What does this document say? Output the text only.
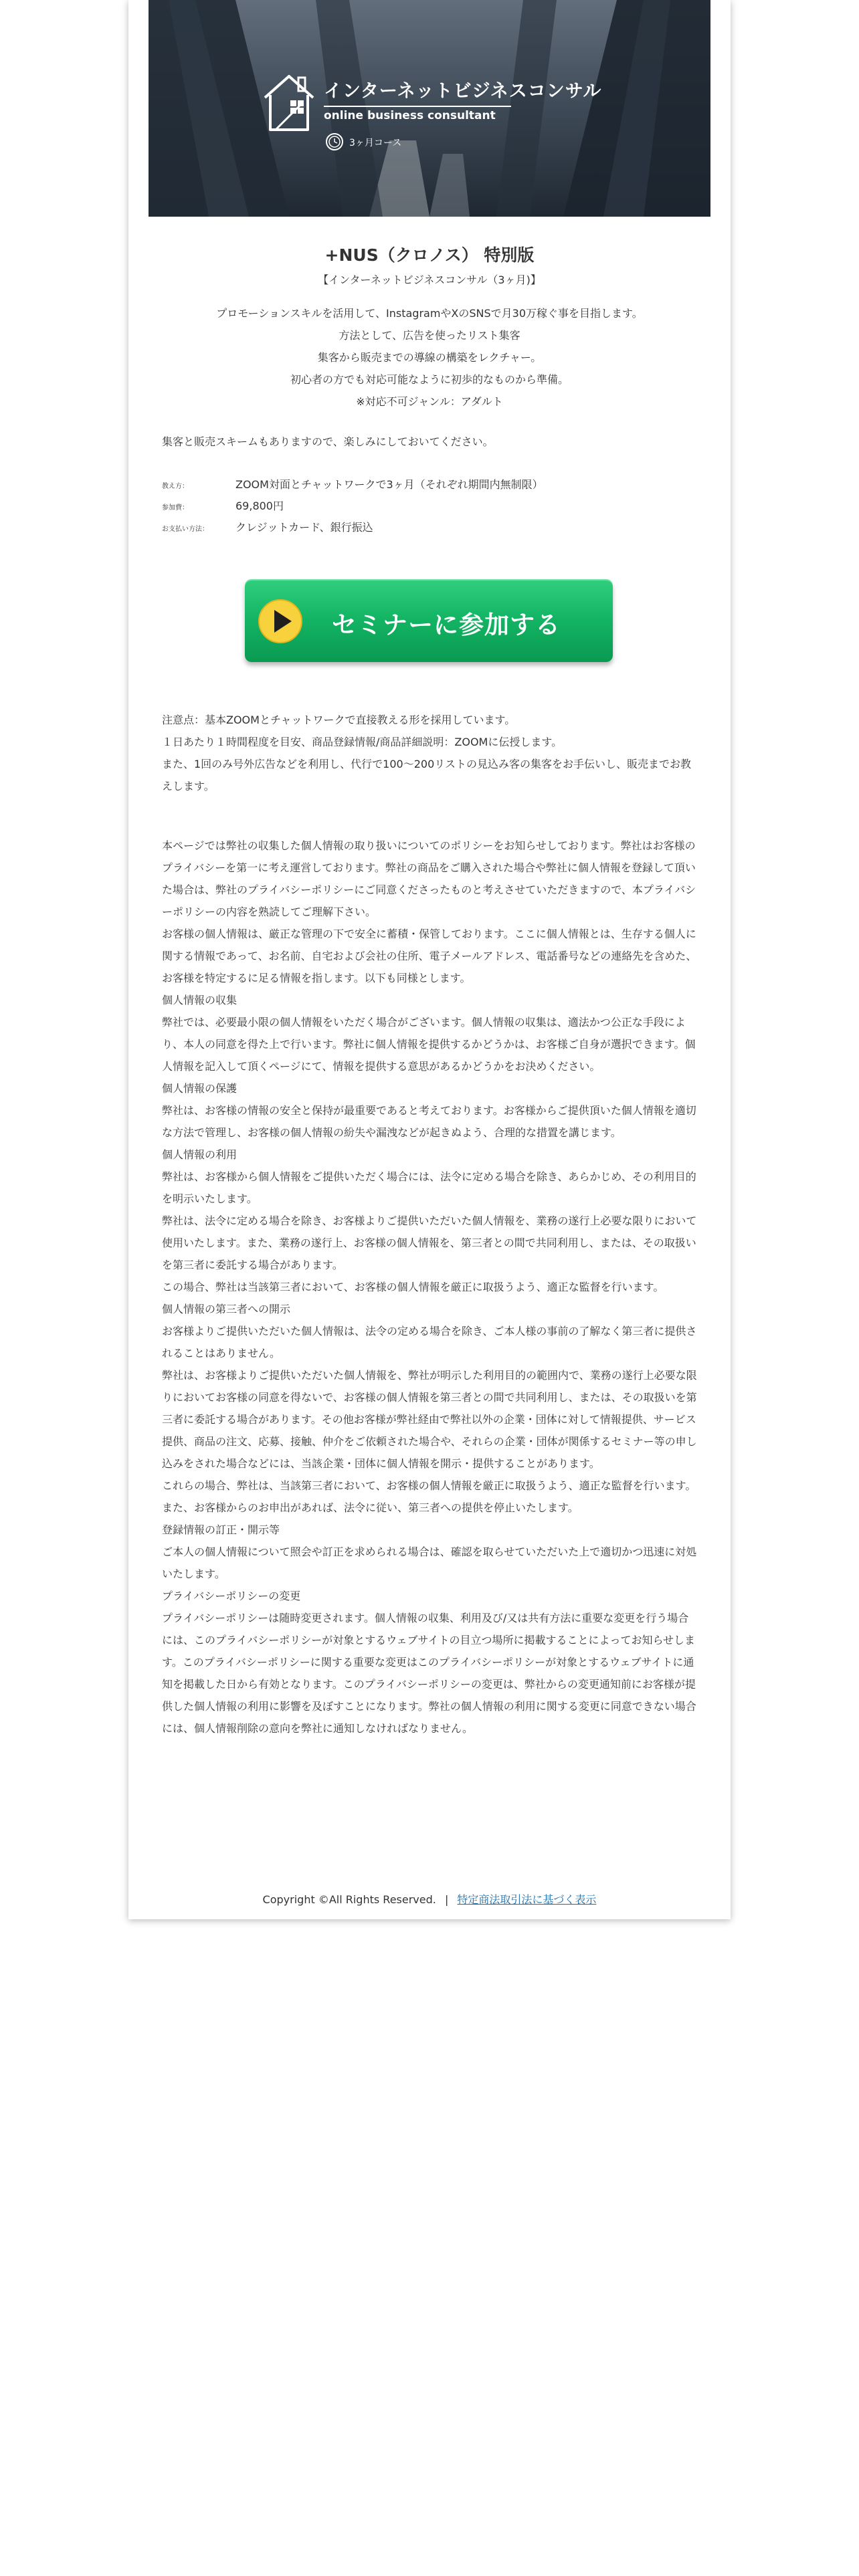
インターネットビジネスコンサル
online business consultant
3ヶ月コース
+NUS（クロノス） 特別版
【インターネットビジネスコンサル（3ヶ月)】
プロモーションスキルを活用して、InstagramやXのSNSで月30万稼ぐ事を目指します。
方法として、広告を使ったリスト集客
集客から販売までの導線の構築をレクチャー。
初心者の方でも対応可能なように初歩的なものから準備。
※対応不可ジャンル：アダルト
集客と販売スキームもありますので、楽しみにしておいてください。
教え方：	ZOOM対面とチャットワークで3ヶ月（それぞれ期間内無制限）
参加費：	69,800円
お支払い方法：	クレジットカード、銀行振込
セミナーに参加する

注意点：基本ZOOMとチャットワークで直接教える形を採用しています。

１日あたり１時間程度を目安、商品登録情報/商品詳細説明：ZOOMに伝授します。

また、1回のみ号外広告などを利用し、代行で100〜200リストの見込み客の集客をお手伝いし、販売までお教えします。

本ページでは弊社の収集した個人情報の取り扱いについてのポリシーをお知らせしております。弊社はお客様のプライバシーを第一に考え運営しております。弊社の商品をご購入された場合や弊社に個人情報を登録して頂いた場合は、弊社のプライバシーポリシーにご同意くださったものと考えさせていただきますので、本プライバシーポリシーの内容を熟読してご理解下さい。

お客様の個人情報は、厳正な管理の下で安全に蓄積・保管しております。ここに個人情報とは、生存する個人に関する情報であって、お名前、自宅および会社の住所、電子メールアドレス、電話番号などの連絡先を含めた、お客様を特定するに足る情報を指します。以下も同様とします。

個人情報の収集

弊社では、必要最小限の個人情報をいただく場合がございます。個人情報の収集は、適法かつ公正な手段により、本人の同意を得た上で行います。弊社に個人情報を提供するかどうかは、お客様ご自身が選択できます。個人情報を記入して頂くページにて、情報を提供する意思があるかどうかをお決めください。

個人情報の保護

弊社は、お客様の情報の安全と保持が最重要であると考えております。お客様からご提供頂いた個人情報を適切な方法で管理し、お客様の個人情報の紛失や漏洩などが起きぬよう、合理的な措置を講じます。

個人情報の利用

弊社は、お客様から個人情報をご提供いただく場合には、法令に定める場合を除き、あらかじめ、その利用目的を明示いたします。

弊社は、法令に定める場合を除き、お客様よりご提供いただいた個人情報を、業務の遂行上必要な限りにおいて使用いたします。また、業務の遂行上、お客様の個人情報を、第三者との間で共同利用し、または、その取扱いを第三者に委託する場合があります。

この場合、弊社は当該第三者において、お客様の個人情報を厳正に取扱うよう、適正な監督を行います。

個人情報の第三者への開示

お客様よりご提供いただいた個人情報は、法令の定める場合を除き、ご本人様の事前の了解なく第三者に提供されることはありません。

弊社は、お客様よりご提供いただいた個人情報を、弊社が明示した利用目的の範囲内で、業務の遂行上必要な限りにおいてお客様の同意を得ないで、お客様の個人情報を第三者との間で共同利用し、または、その取扱いを第三者に委託する場合があります。その他お客様が弊社経由で弊社以外の企業・団体に対して情報提供、サービス提供、商品の注文、応募、接触、仲介をご依頼された場合や、それらの企業・団体が関係するセミナー等の申し込みをされた場合などには、当該企業・団体に個人情報を開示・提供することがあります。

これらの場合、弊社は、当該第三者において、お客様の個人情報を厳正に取扱うよう、適正な監督を行います。また、お客様からのお申出があれば、法令に従い、第三者への提供を停止いたします。

登録情報の訂正・開示等

ご本人の個人情報について照会や訂正を求められる場合は、確認を取らせていただいた上で適切かつ迅速に対処いたします。

プライバシーポリシーの変更

プライバシーポリシーは随時変更されます。個人情報の収集、利用及び/又は共有方法に重要な変更を行う場合には、このプライバシーポリシーが対象とするウェブサイトの目立つ場所に掲載することによってお知らせします。このプライバシーポリシーに関する重要な変更はこのプライバシーポリシーが対象とするウェブサイトに通知を掲載した日から有効となります。このプライバシーポリシーの変更は、弊社からの変更通知前にお客様が提供した個人情報の利用に影響を及ぼすことになります。弊社の個人情報の利用に関する変更に同意できない場合には、個人情報削除の意向を弊社に通知しなければなりません。

Copyright ©All Rights Reserved. | 特定商法取引法に基づく表示
